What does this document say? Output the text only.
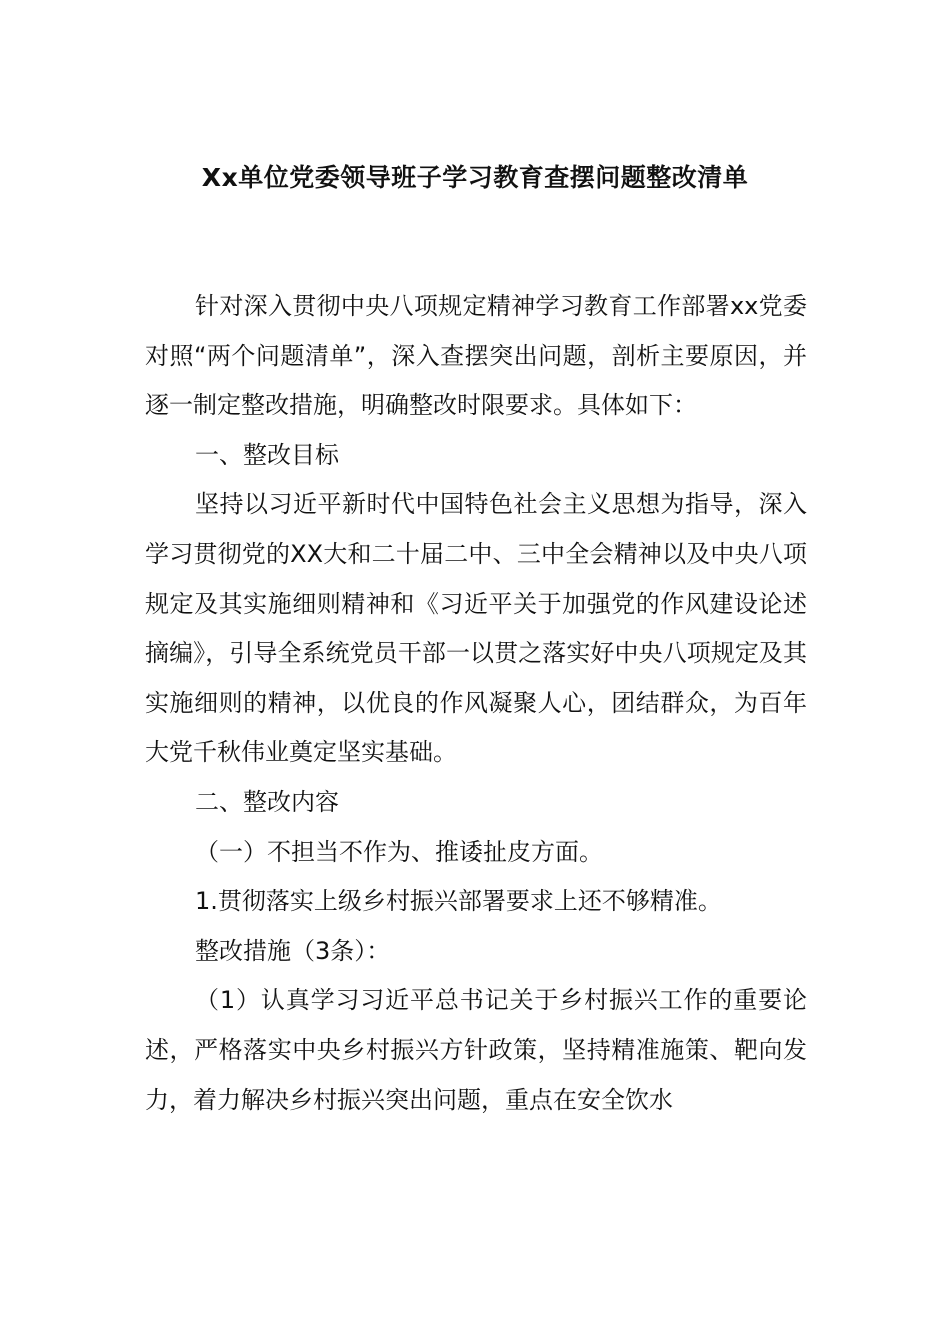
Xx单位党委领导班子学习教育查摆问题整改清单

针对深入贯彻中央八项规定精神学习教育工作部署xx党委对照“两个问题清单”，深入查摆突出问题，剖析主要原因，并逐一制定整改措施，明确整改时限要求。具体如下：

一、整改目标

坚持以习近平新时代中国特色社会主义思想为指导，深入学习贯彻党的XX大和二十届二中、三中全会精神以及中央八项规定及其实施细则精神和《习近平关于加强党的作风建设论述摘编》，引导全系统党员干部一以贯之落实好中央八项规定及其实施细则的精神，以优良的作风凝聚人心，团结群众，为百年大党千秋伟业奠定坚实基础。

二、整改内容

（一）不担当不作为、推诿扯皮方面。

1.贯彻落实上级乡村振兴部署要求上还不够精准。

整改措施（3条）：

（1）认真学习习近平总书记关于乡村振兴工作的重要论述，严格落实中央乡村振兴方针政策，坚持精准施策、靶向发力，着力解决乡村振兴突出问题，重点在安全饮水
